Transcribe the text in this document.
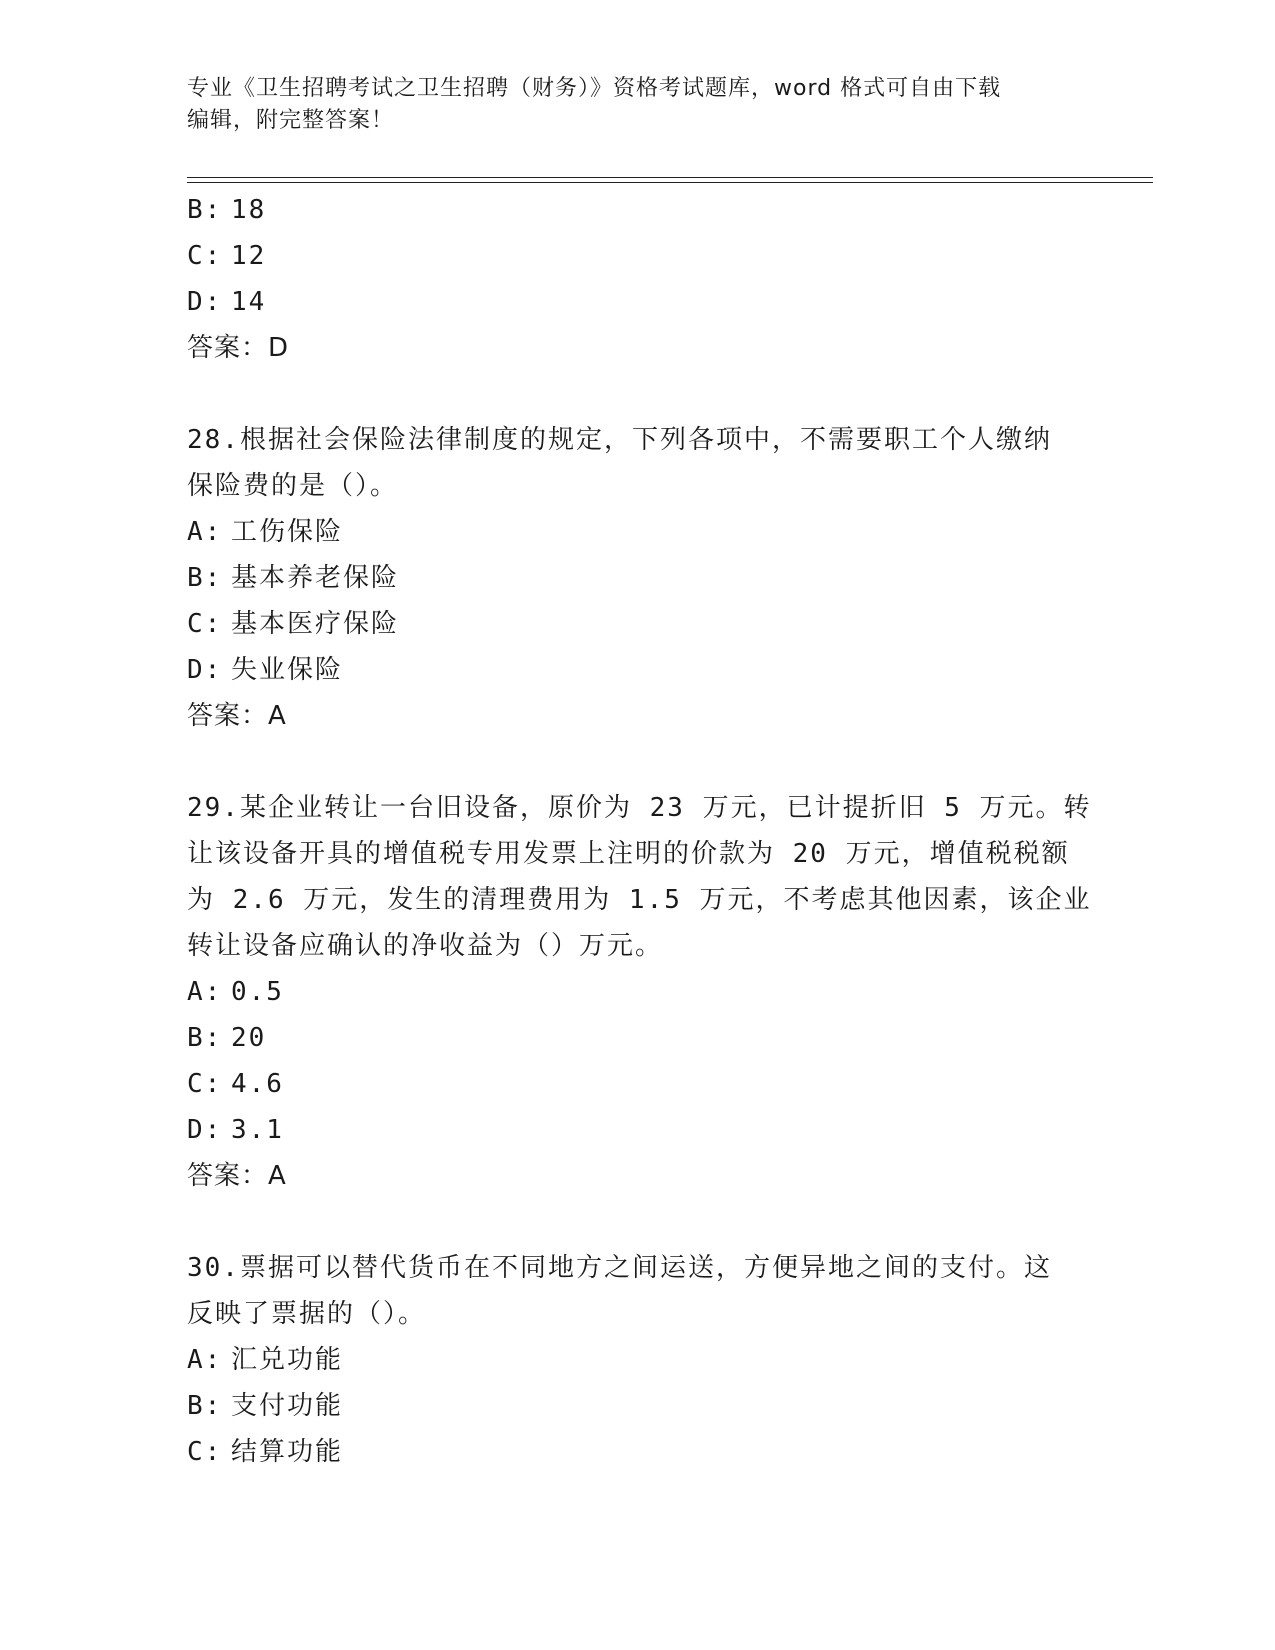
专业《卫生招聘考试之卫生招聘（财务）》资格考试题库，word 格式可自由下载
编辑，附完整答案！
B: 18
C: 12
D: 14
答案：D
28.根据社会保险法律制度的规定，下列各项中，不需要职工个人缴纳
保险费的是（）。
A: 工伤保险
B: 基本养老保险
C: 基本医疗保险
D: 失业保险
答案：A
29.某企业转让一台旧设备，原价为 23 万元，已计提折旧 5 万元。转
让该设备开具的增值税专用发票上注明的价款为 20 万元，增值税税额
为 2.6 万元，发生的清理费用为 1.5 万元，不考虑其他因素，该企业
转让设备应确认的净收益为（）万元。
A: 0.5
B: 20
C: 4.6
D: 3.1
答案：A
30.票据可以替代货币在不同地方之间运送，方便异地之间的支付。这
反映了票据的（）。
A: 汇兑功能
B: 支付功能
C: 结算功能
